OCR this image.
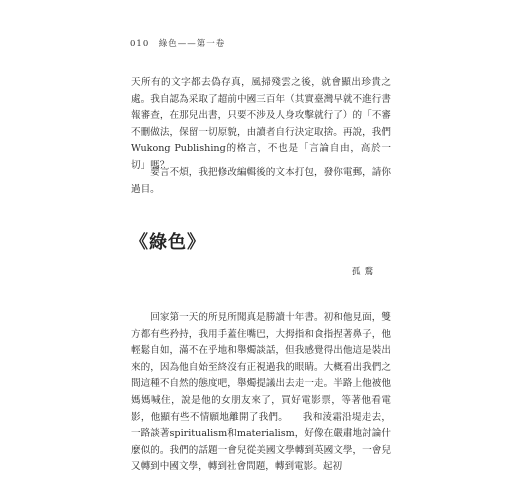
010　綠色——第一卷

天所有的文字都去偽存真，風掃殘雲之後，就會顯出珍貴之處。我自認為采取了超前中國三百年（其實臺灣早就不進行書報審查，在那兒出書，只要不涉及人身攻擊就行了）的「不審不刪做法，保留一切原貌，由讀者自行決定取捨。再說，我們Wukong Publishing的格言，不也是「言論自由，高於一切」嗎？

要言不煩，我把修改編輯後的文本打包，發你電郵，請你過目。

《綠色》
孤鶩

回家第一天的所見所聞真是勝讀十年書。初和他見面，雙方都有些矜持，我用手蓋住嘴巴，大拇指和食指捏著鼻子，他輕鬆自如，滿不在乎地和舉燭談話，但我感覺得出他這是裝出來的，因為他自始至終沒有正視過我的眼睛。大概看出我們之間這種不自然的態度吧，舉燭提議出去走一走。半路上他被他媽媽喊住，說是他的女朋友來了，買好電影票，等著他看電影，他顯有些不情願地離開了我們。　　我和淩霜沿堤走去，一路談著spiritualism和materialism，好像在嚴肅地討論什麼似的。我們的話題一會兒從美國文學轉到英國文學，一會兒又轉到中國文學，轉到社會問題，轉到電影。起初
